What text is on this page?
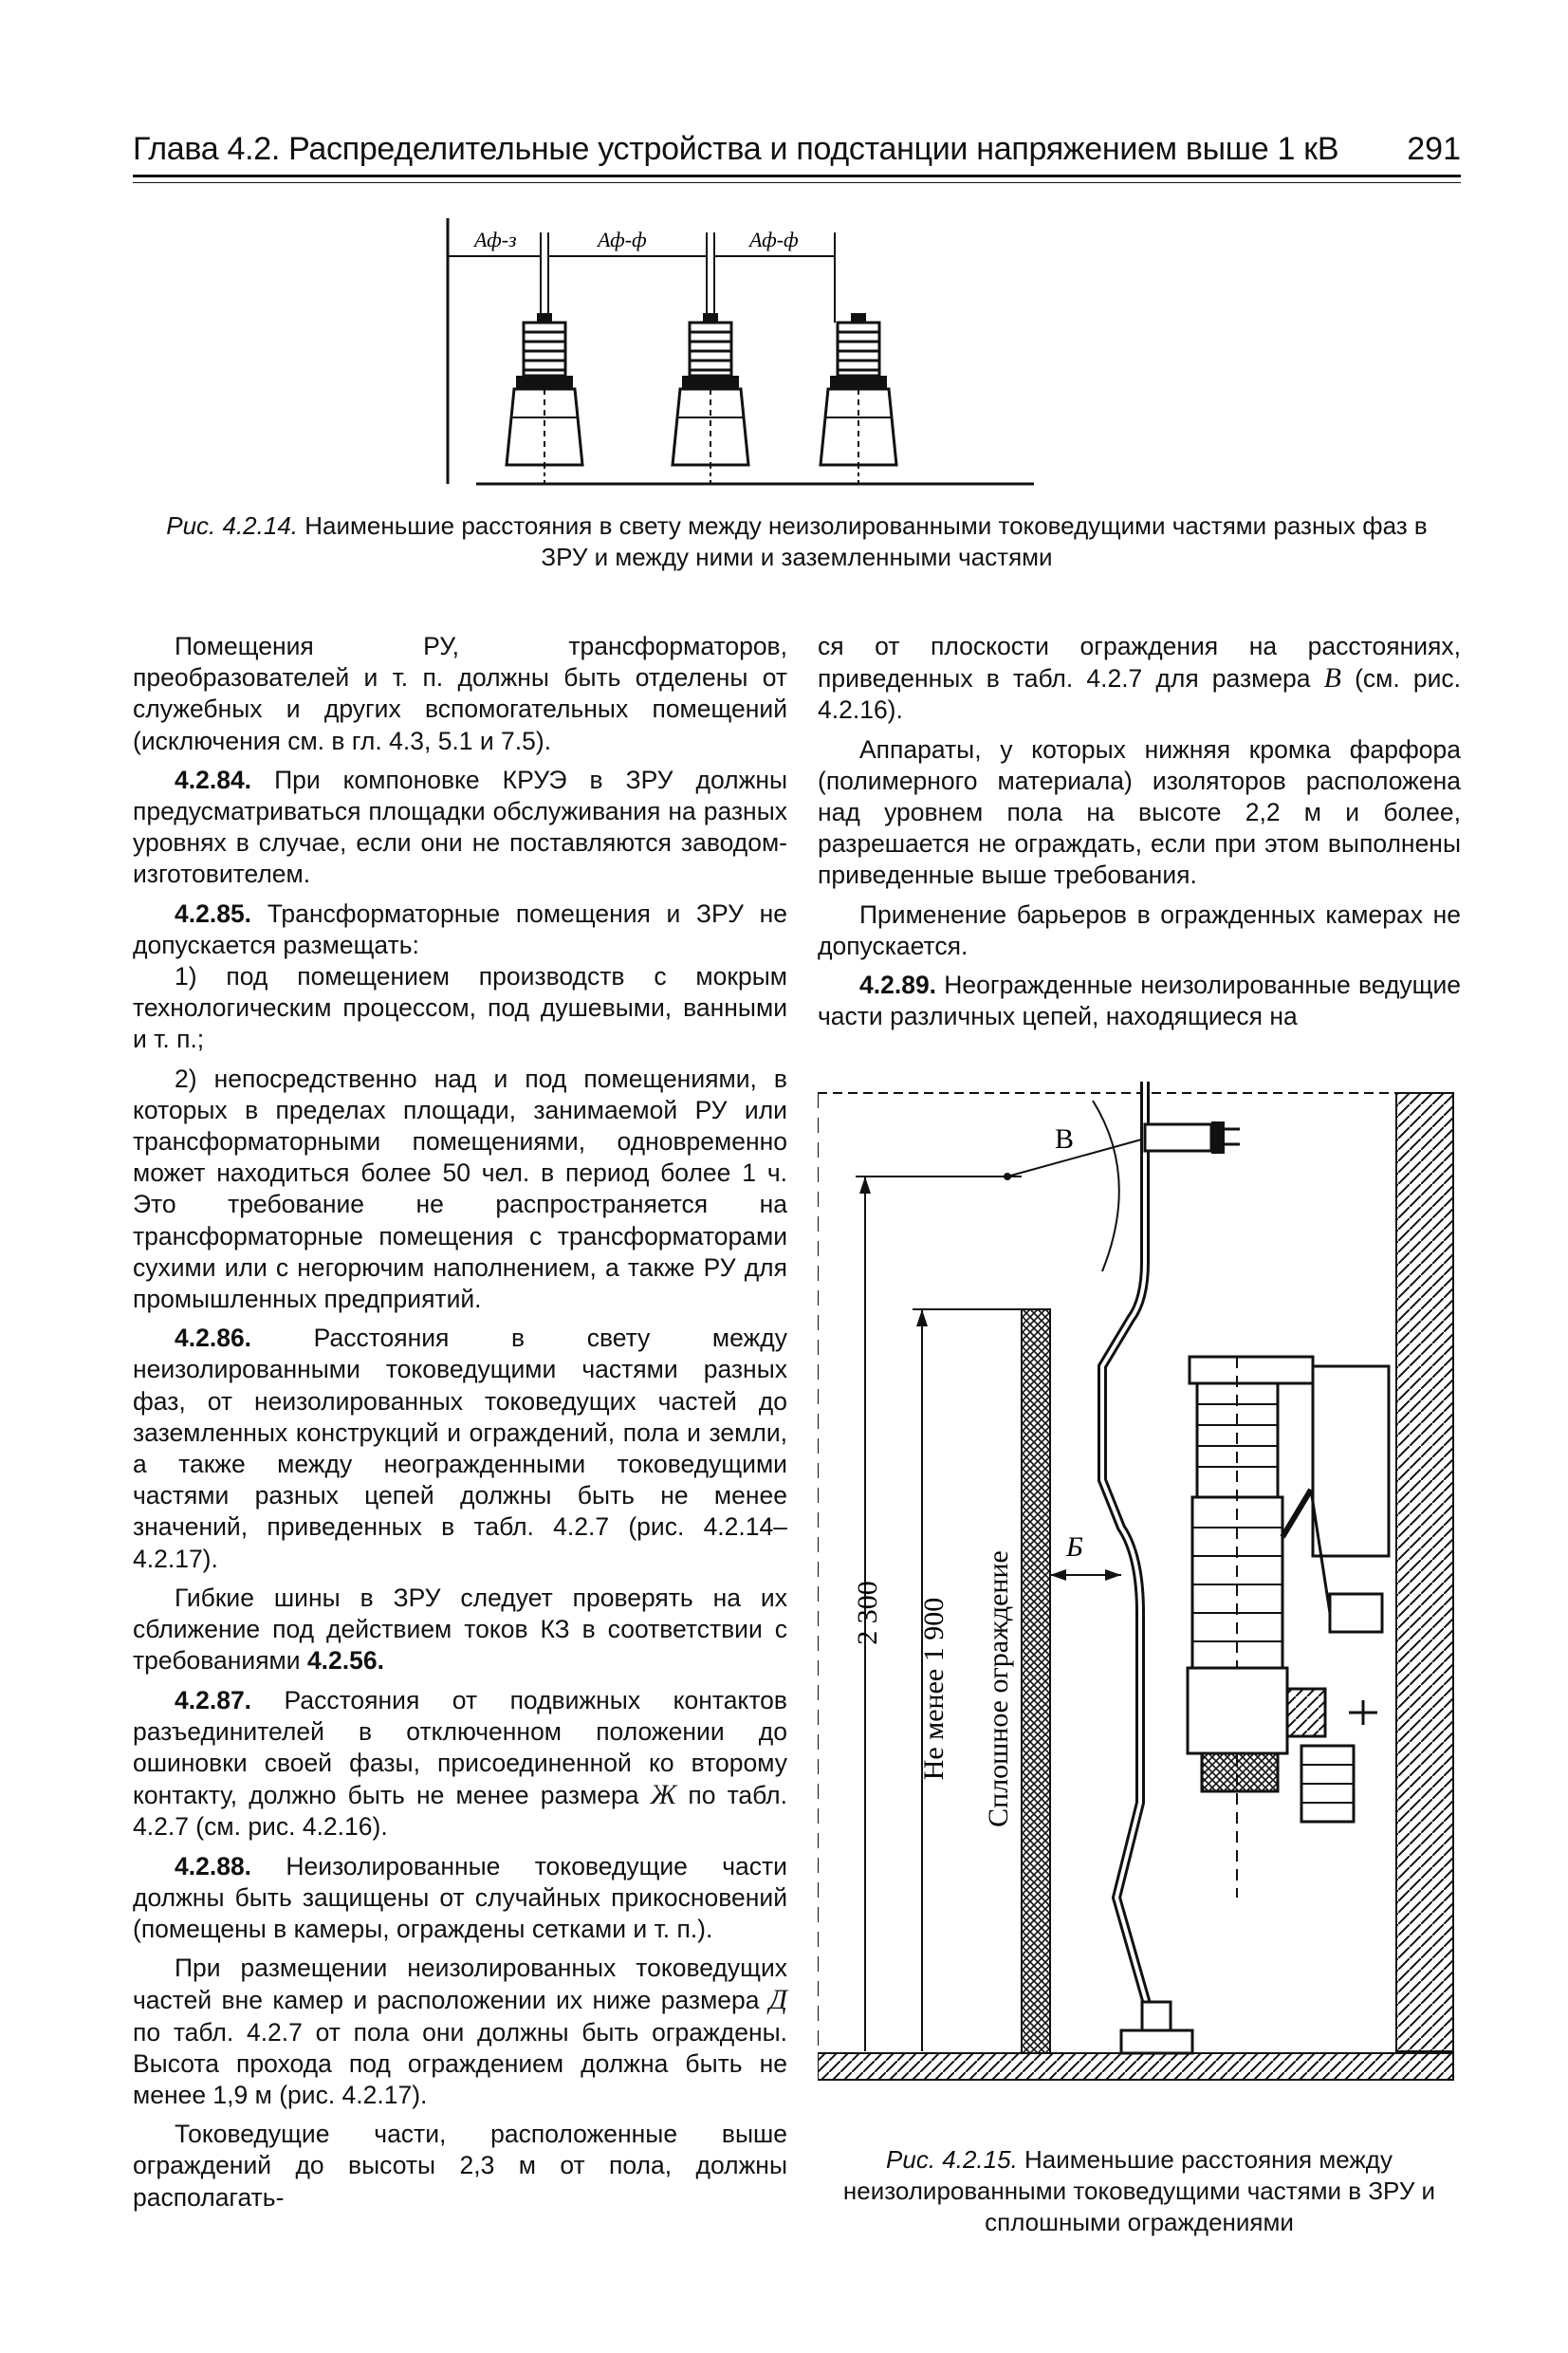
Глава 4.2. Распределительные устройства и подстанции напряжением выше 1 кВ 291
Аф-з	Аф-ф	Аф-ф
Рис. 4.2.14. Наименьшие расстояния в свету между неизолированными токоведущими частями разных фаз в ЗРУ и между ними и заземленными частями

Помещения РУ, трансформаторов, преобразователей и т. п. должны быть отделены от служебных и других вспомогательных помещений (исключения см. в гл. 4.3, 5.1 и 7.5).

4.2.84. При компоновке КРУЭ в ЗРУ должны предусматриваться площадки обслуживания на разных уровнях в случае, если они не поставляются заводом-изготовителем.

4.2.85. Трансформаторные помещения и ЗРУ не допускается размещать:

1) под помещением производств с мокрым технологическим процессом, под душевыми, ванными и т. п.;

2) непосредственно над и под помещениями, в которых в пределах площади, занимаемой РУ или трансформаторными помещениями, одновременно может находиться более 50 чел. в период более 1 ч. Это требование не распространяется на трансформаторные помещения с трансформаторами сухими или с негорючим наполнением, а также РУ для промышленных предприятий.

4.2.86. Расстояния в свету между неизолированными токоведущими частями разных фаз, от неизолированных токоведущих частей до заземленных конструкций и ограждений, пола и земли, а также между неогражденными токоведущими частями разных цепей должны быть не менее значений, приведенных в табл. 4.2.7 (рис. 4.2.14–4.2.17).

Гибкие шины в ЗРУ следует проверять на их сближение под действием токов КЗ в соответствии с требованиями 4.2.56.

4.2.87. Расстояния от подвижных контактов разъединителей в отключенном положении до ошиновки своей фазы, присоединенной ко второму контакту, должно быть не менее размера Ж по табл. 4.2.7 (см. рис. 4.2.16).

4.2.88. Неизолированные токоведущие части должны быть защищены от случайных прикосновений (помещены в камеры, ограждены сетками и т. п.).

При размещении неизолированных токоведущих частей вне камер и расположении их ниже размера Д по табл. 4.2.7 от пола они должны быть ограждены. Высота прохода под ограждением должна быть не менее 1,9 м (рис. 4.2.17).

Токоведущие части, расположенные выше ограждений до высоты 2,3 м от пола, должны располагать-

ся от плоскости ограждения на расстояниях, приведенных в табл. 4.2.7 для размера В (см. рис. 4.2.16).

Аппараты, у которых нижняя кромка фарфора (полимерного материала) изоляторов расположена над уровнем пола на высоте 2,2 м и более, разрешается не ограждать, если при этом выполнены приведенные выше требования.

Применение барьеров в огражденных камерах не допускается.

4.2.89. Неогражденные неизолированные ведущие части различных цепей, находящиеся на

2 300 Не менее 1 900 Сплошное ограждение
В
Б
Рис. 4.2.15. Наименьшие расстояния между неизолированными токоведущими частями в ЗРУ и сплошными ограждениями
